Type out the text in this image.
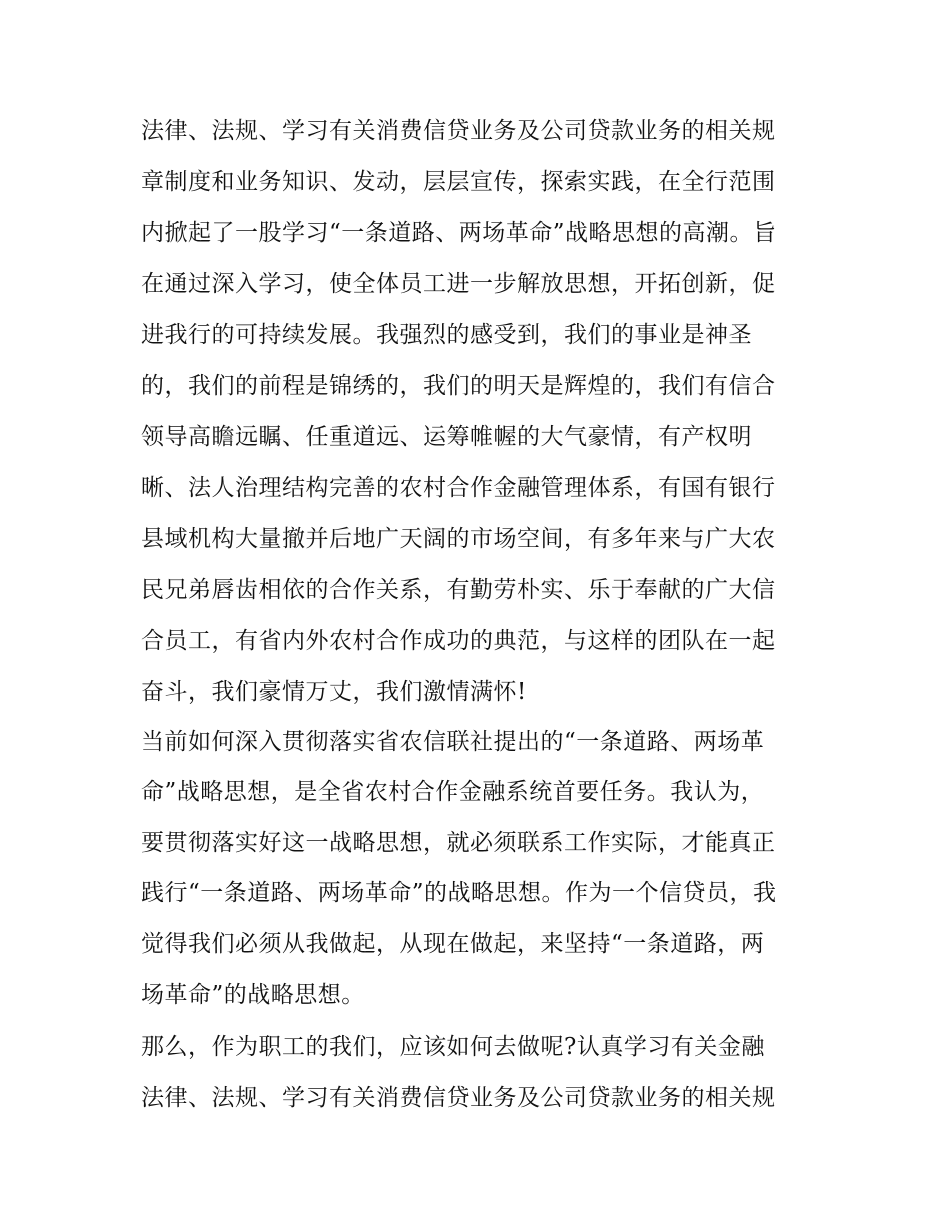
法律、法规、学习有关消费信贷业务及公司贷款业务的相关规
章制度和业务知识、发动，层层宣传，探索实践，在全行范围
内掀起了一股学习“一条道路、两场革命”战略思想的高潮。旨
在通过深入学习，使全体员工进一步解放思想，开拓创新，促
进我行的可持续发展。我强烈的感受到，我们的事业是神圣
的，我们的前程是锦绣的，我们的明天是辉煌的，我们有信合
领导高瞻远瞩、任重道远、运筹帷幄的大气豪情，有产权明
晰、法人治理结构完善的农村合作金融管理体系，有国有银行
县域机构大量撤并后地广天阔的市场空间，有多年来与广大农
民兄弟唇齿相依的合作关系，有勤劳朴实、乐于奉献的广大信
合员工，有省内外农村合作成功的典范，与这样的团队在一起
奋斗，我们豪情万丈，我们激情满怀!
当前如何深入贯彻落实省农信联社提出的“一条道路、两场革
命”战略思想，是全省农村合作金融系统首要任务。我认为，
要贯彻落实好这一战略思想，就必须联系工作实际，才能真正
践行“一条道路、两场革命”的战略思想。作为一个信贷员，我
觉得我们必须从我做起，从现在做起，来坚持“一条道路，两
场革命”的战略思想。
那么，作为职工的我们，应该如何去做呢?认真学习有关金融
法律、法规、学习有关消费信贷业务及公司贷款业务的相关规
